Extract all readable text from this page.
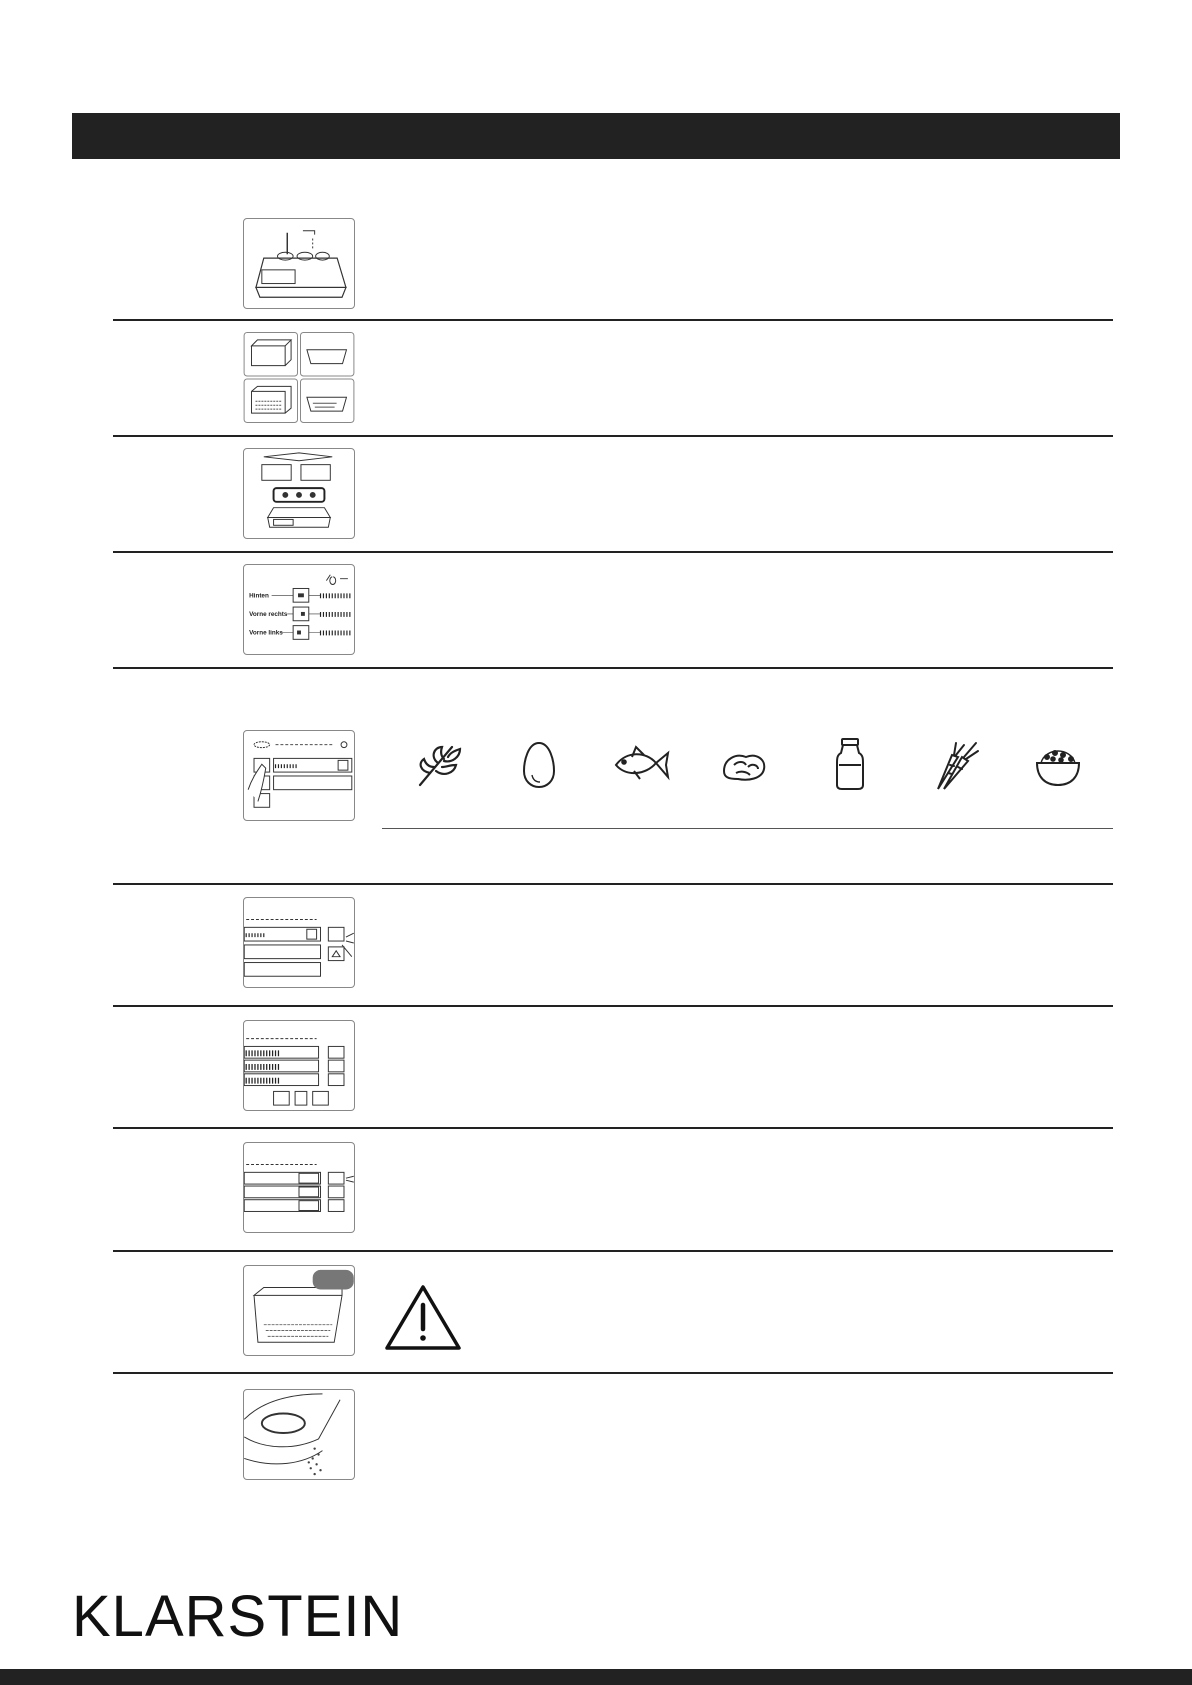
Hinten
Vorne rechts
Vorne links
KLARSTEIN
